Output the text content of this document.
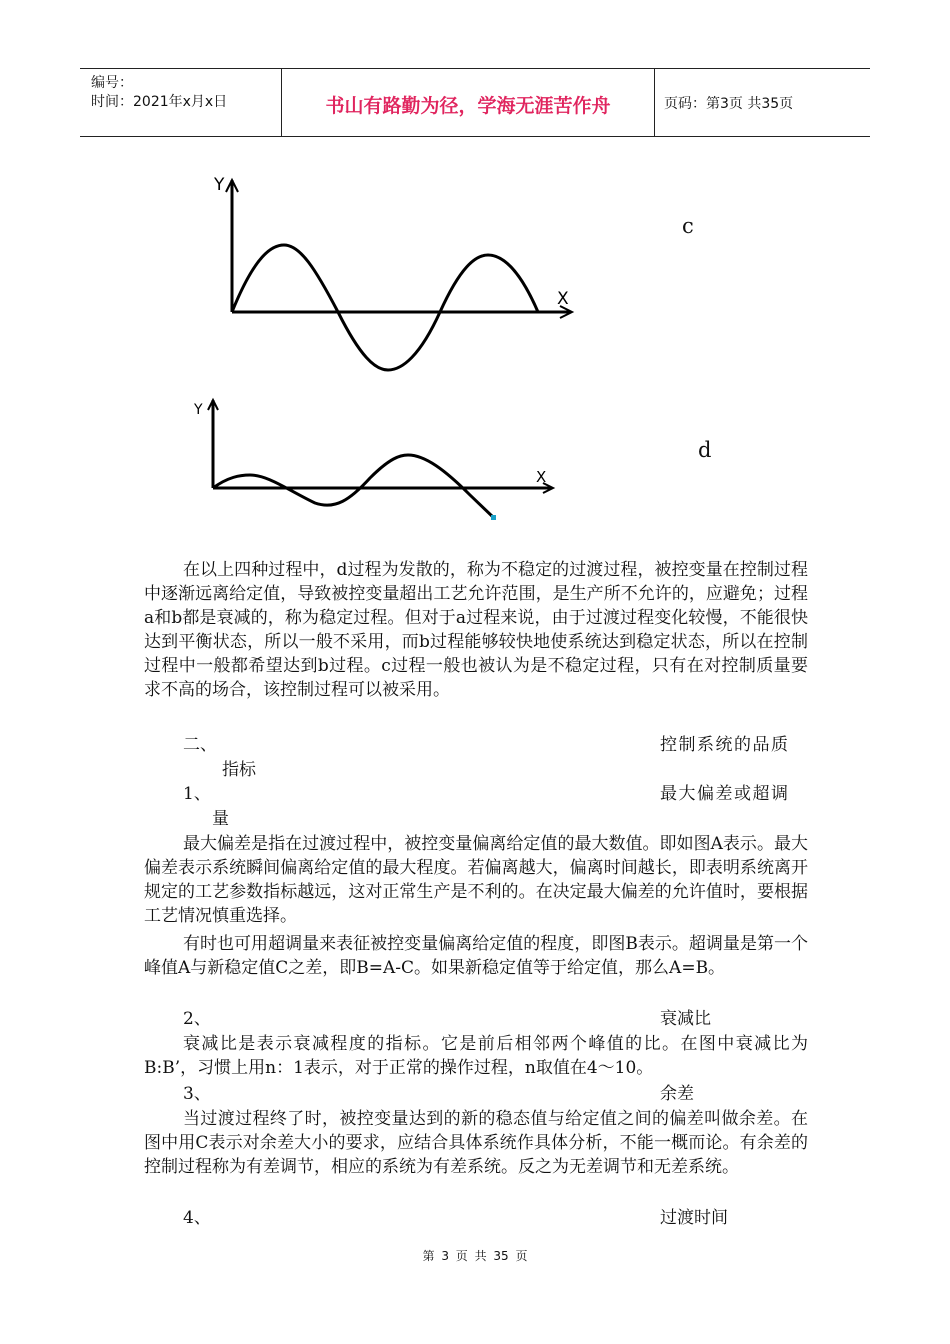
编号：
时间：2021年x月x日	书山有路勤为径，学海无涯苦作舟	页码：第3页 共35页
Y
X
Y
X
c
d

在以上四种过程中，d过程为发散的，称为不稳定的过渡过程，被控变量在控制过程中逐渐远离给定值，导致被控变量超出工艺允许范围，是生产所不允许的，应避免；过程a和b都是衰减的，称为稳定过程。但对于a过程来说，由于过渡过程变化较慢，不能很快达到平衡状态，所以一般不采用，而b过程能够较快地使系统达到稳定状态，所以在控制过程中一般都希望达到b过程。c过程一般也被认为是不稳定过程，只有在对控制质量要求不高的场合，该控制过程可以被采用。

二、	控制系统的品质
指标
1、	最大偏差或超调
量

最大偏差是指在过渡过程中，被控变量偏离给定值的最大数值。即如图A表示。最大偏差表示系统瞬间偏离给定值的最大程度。若偏离越大，偏离时间越长，即表明系统离开规定的工艺参数指标越远，这对正常生产是不利的。在决定最大偏差的允许值时，要根据工艺情况慎重选择。

有时也可用超调量来表征被控变量偏离给定值的程度，即图B表示。超调量是第一个峰值A与新稳定值C之差，即B=A-C。如果新稳定值等于给定值，那么A=B。

2、	衰减比

衰减比是表示衰减程度的指标。它是前后相邻两个峰值的比。在图中衰减比为B:B’，习惯上用n：1表示，对于正常的操作过程，n取值在4～10。

3、	余差

当过渡过程终了时，被控变量达到的新的稳态值与给定值之间的偏差叫做余差。在图中用C表示对余差大小的要求，应结合具体系统作具体分析，不能一概而论。有余差的控制过程称为有差调节，相应的系统为有差系统。反之为无差调节和无差系统。

4、	过渡时间
第 3 页 共 35 页
